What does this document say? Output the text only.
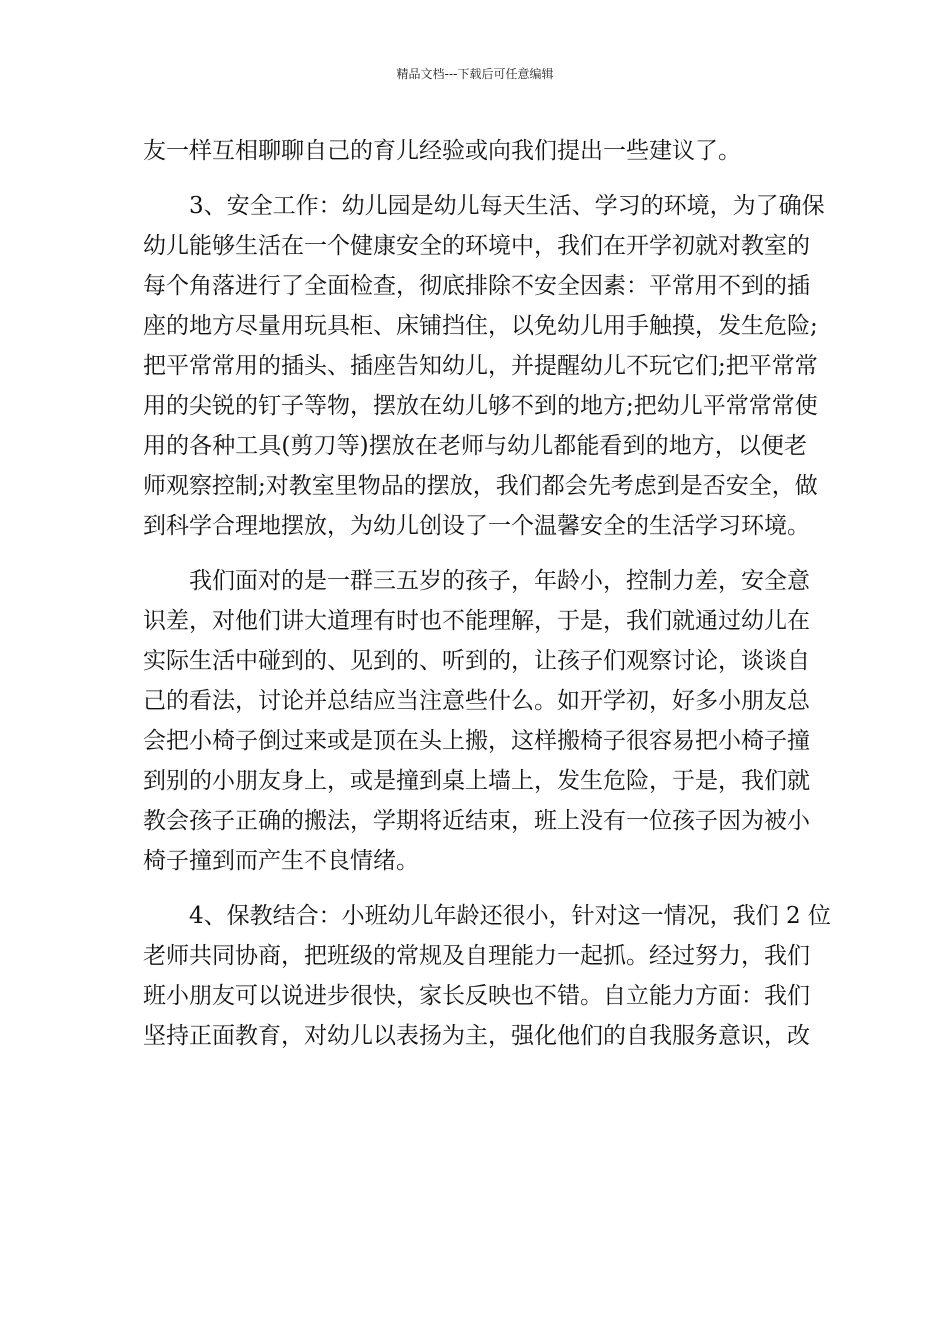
精品文档---下载后可任意编辑
友一样互相聊聊自己的育儿经验或向我们提出一些建议了。
3、安全工作：幼儿园是幼儿每天生活、学习的环境，为了确保
幼儿能够生活在一个健康安全的环境中，我们在开学初就对教室的
每个角落进行了全面检查，彻底排除不安全因素：平常用不到的插
座的地方尽量用玩具柜、床铺挡住，以免幼儿用手触摸，发生危险;
把平常常用的插头、插座告知幼儿，并提醒幼儿不玩它们;把平常常
用的尖锐的钉子等物，摆放在幼儿够不到的地方;把幼儿平常常常使
用的各种工具(剪刀等)摆放在老师与幼儿都能看到的地方，以便老
师观察控制;对教室里物品的摆放，我们都会先考虑到是否安全，做
到科学合理地摆放，为幼儿创设了一个温馨安全的生活学习环境。
我们面对的是一群三五岁的孩子，年龄小，控制力差，安全意
识差，对他们讲大道理有时也不能理解，于是，我们就通过幼儿在
实际生活中碰到的、见到的、听到的，让孩子们观察讨论，谈谈自
己的看法，讨论并总结应当注意些什么。如开学初，好多小朋友总
会把小椅子倒过来或是顶在头上搬，这样搬椅子很容易把小椅子撞
到别的小朋友身上，或是撞到桌上墙上，发生危险，于是，我们就
教会孩子正确的搬法，学期将近结束，班上没有一位孩子因为被小
椅子撞到而产生不良情绪。
4、保教结合：小班幼儿年龄还很小，针对这一情况，我们 2 位
老师共同协商，把班级的常规及自理能力一起抓。经过努力，我们
班小朋友可以说进步很快，家长反映也不错。自立能力方面：我们
坚持正面教育，对幼儿以表扬为主，强化他们的自我服务意识，改
